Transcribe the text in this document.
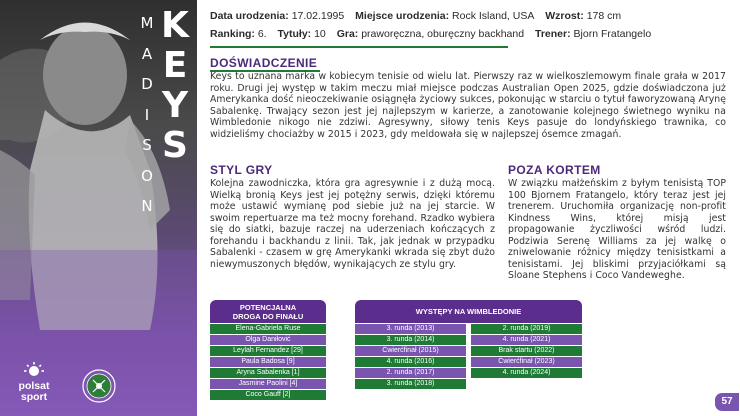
M
A
D
I
S
O
N
K
E
Y
S
polsat
sport
Data urodzenia: 17.02.1995 Miejsce urodzenia: Rock Island, USA Wzrost: 178 cm
Ranking: 6. Tytuły: 10 Gra: praworęczna, oburęczny backhand Trener: Bjorn Fratangelo
DOŚWIADCZENIE

Keys to uznana marka w kobiecym tenisie od wielu lat. Pierwszy raz w wielkoszlemowym finale grała w 2017 roku. Drugi jej występ w takim meczu miał miejsce podczas Australian Open 2025, gdzie doświadczona już Amerykanka dość nieoczekiwanie osiągnęła życiowy sukces, pokonując w starciu o tytuł faworyzowaną Arynę Sabalenkę. Trwający sezon jest jej najlepszym w karierze, a zanotowanie kolejnego świetnego wyniku na Wimbledonie nikogo nie zdziwi. Agresywny, siłowy tenis Keys pasuje do londyńskiego trawnika, co widzieliśmy chociażby w 2015 i 2023, gdy meldowała się w najlepszej ósemce zmagań.

STYL GRY

Kolejna zawodniczka, która gra agresywnie i z dużą mocą. Wielką bronią Keys jest jej potężny serwis, dzięki któremu może ustawić wymianę pod siebie już na jej starcie. W swoim repertuarze ma też mocny forehand. Rzadko wybiera się do siatki, bazuje raczej na uderzeniach kończących z forehandu i backhandu z linii. Tak, jak jednak w przypadku Sabalenki - czasem w grę Amerykanki wkrada się zbyt dużo niewymuszonych błędów, wynikających ze stylu gry.

POZA KORTEM

W związku małżeńskim z byłym tenisistą TOP 100 Bjornem Fratangelo, który teraz jest jej trenerem. Uruchomiła organizację non-profit Kindness Wins, której misją jest propagowanie życzliwości wśród ludzi. Podziwia Serenę Williams za jej walkę o zniwelowanie różnicy między tenisistkami a tenisistami. Jej bliskimi przyjaciółkami są Sloane Stephens i Coco Vandeweghe.

POTENCJALNA
DROGA DO FINAŁU
Elena-Gabriela Ruse
Olga Daniłović
Leylah Fernandez [29]
Paula Badosa [9]
Aryna Sabalenka [1]
Jasmine Paolini [4]
Coco Gauff [2]
WYSTĘPY NA WIMBLEDONIE
3. runda (2013)
3. runda (2014)
Ćwierćfinał (2015)
4. runda (2016)
2. runda (2017)
3. runda (2018)
2. runda (2019)
4. runda (2021)
Brak startu (2022)
Ćwierćfinał (2023)
4. runda (2024)
57
